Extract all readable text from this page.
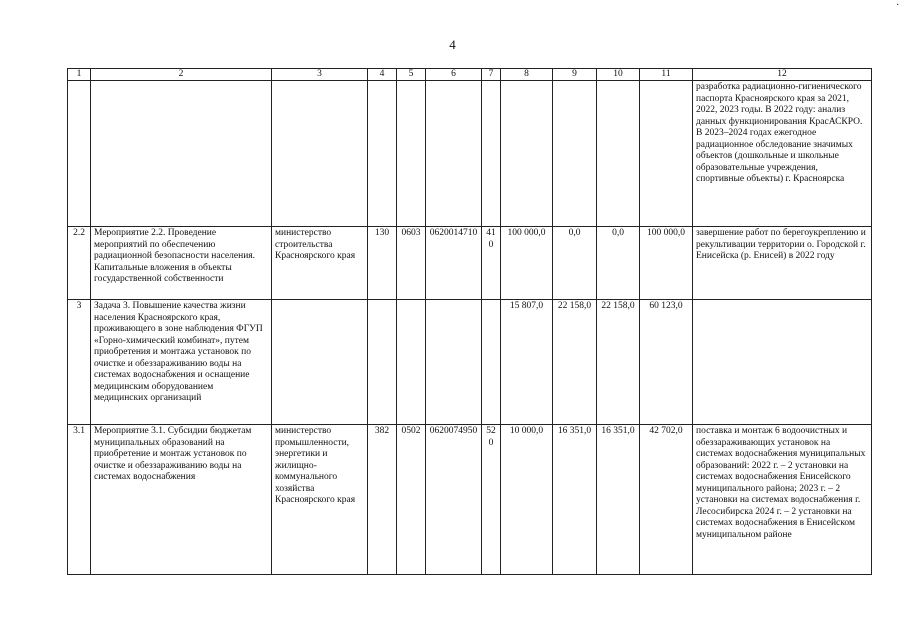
·
4
1	2	3	4	5	6	7	8	9	10	11	12
											разработка радиационно-гигиенического паспорта Красноярского края за 2021, 2022, 2023 годы. В 2022 году: анализ данных функционирования КрасАСКРО. В 2023–2024 годах ежегодное радиационное обследование значимых объектов (дошкольные и школьные образовательные учреждения, спортивные объекты) г. Красноярска
2.2	Мероприятие 2.2. Проведение мероприятий по обеспечению радиационной безопасности населения. Капитальные вложения в объекты государственной собственности	министерство строительства Красноярского края	130	0603	0620014710	410	100 000,0	0,0	0,0	100 000,0	завершение работ по берегоукреплению и рекультивации территории о. Городской г. Енисейска (р. Енисей) в 2022 году
3	Задача 3. Повышение качества жизни населения Красноярского края, проживающего в зоне наблюдения ФГУП «Горно-химический комбинат», путем приобретения и монтажа установок по очистке и обеззараживанию воды на системах водоснабжения и оснащение медицинским оборудованием медицинских организаций						15 807,0	22 158,0	22 158,0	60 123,0	
3.1	Мероприятие 3.1. Субсидии бюджетам муниципальных образований на приобретение и монтаж установок по очистке и обеззараживанию воды на системах водоснабжения	министерство промышленности, энергетики и жилищно-коммунального хозяйства Красноярского края	382	0502	0620074950	520	10 000,0	16 351,0	16 351,0	42 702,0	поставка и монтаж 6 водоочистных и обеззараживающих установок на системах водоснабжения муниципальных образований: 2022 г. – 2 установки на системах водоснабжения Енисейского муниципального района; 2023 г. – 2 установки на системах водоснабжения г. Лесосибирска 2024 г. – 2 установки на системах водоснабжения в Енисейском муниципальном районе
